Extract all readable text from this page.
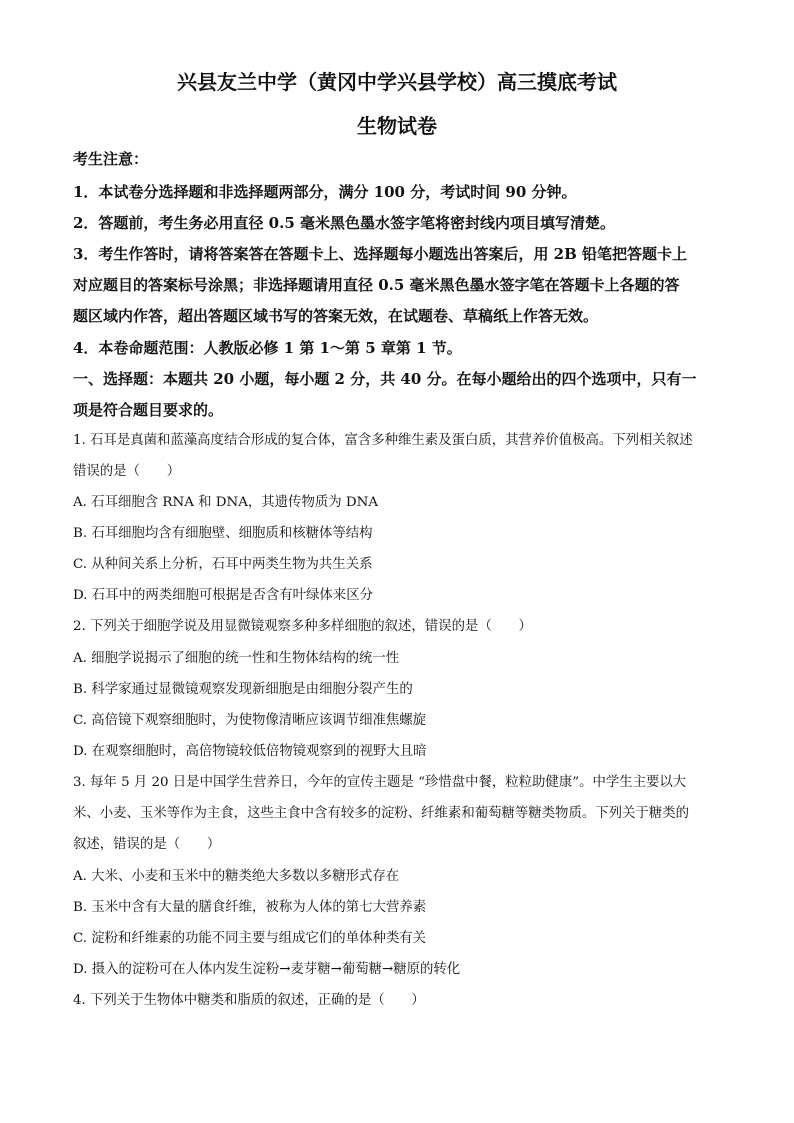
兴县友兰中学（黄冈中学兴县学校）高三摸底考试
生物试卷
考生注意：
1．本试卷分选择题和非选择题两部分，满分 100 分，考试时间 90 分钟。
2．答题前，考生务必用直径 0.5 毫米黑色墨水签字笔将密封线内项目填写清楚。
3．考生作答时，请将答案答在答题卡上、选择题每小题选出答案后，用 2B 铅笔把答题卡上
对应题目的答案标号涂黑；非选择题请用直径 0.5 毫米黑色墨水签字笔在答题卡上各题的答
题区域内作答，超出答题区域书写的答案无效，在试题卷、草稿纸上作答无效。
4．本卷命题范围：人教版必修 1 第 1～第 5 章第 1 节。
一、选择题：本题共 20 小题，每小题 2 分，共 40 分。在每小题给出的四个选项中，只有一
项是符合题目要求的。
1. 石耳是真菌和蓝藻高度结合形成的复合体，富含多种维生素及蛋白质，其营养价值极高。下列相关叙述
错误的是（　　）
A. 石耳细胞含 RNA 和 DNA，其遗传物质为 DNA
B. 石耳细胞均含有细胞壁、细胞质和核糖体等结构
C. 从种间关系上分析，石耳中两类生物为共生关系
D. 石耳中的两类细胞可根据是否含有叶绿体来区分
2. 下列关于细胞学说及用显微镜观察多种多样细胞的叙述，错误的是（　　）
A. 细胞学说揭示了细胞的统一性和生物体结构的统一性
B. 科学家通过显微镜观察发现新细胞是由细胞分裂产生的
C. 高倍镜下观察细胞时，为使物像清晰应该调节细准焦螺旋
D. 在观察细胞时，高倍物镜较低倍物镜观察到的视野大且暗
3. 每年 5 月 20 日是中国学生营养日，今年的宣传主题是 “珍惜盘中餐，粒粒助健康”。中学生主要以大
米、小麦、玉米等作为主食，这些主食中含有较多的淀粉、纤维素和葡萄糖等糖类物质。下列关于糖类的
叙述，错误的是（　　）
A. 大米、小麦和玉米中的糖类绝大多数以多糖形式存在
B. 玉米中含有大量的膳食纤维，被称为人体的第七大营养素
C. 淀粉和纤维素的功能不同主要与组成它们的单体种类有关
D. 摄入的淀粉可在人体内发生淀粉→麦芽糖→葡萄糖→糖原的转化
4. 下列关于生物体中糖类和脂质的叙述，正确的是（　　）
